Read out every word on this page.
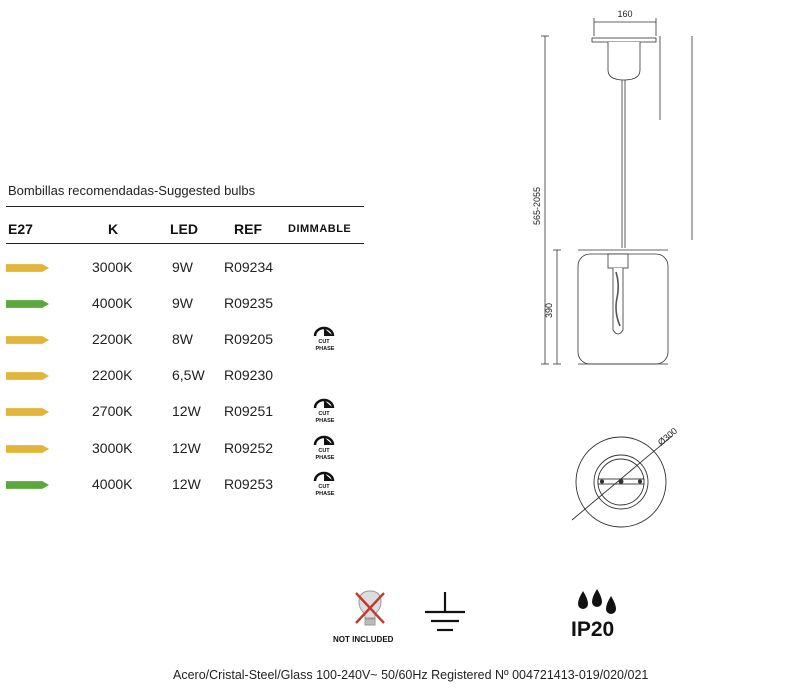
Bombillas recomendadas-Suggested bulbs
E27	K	LED	REF DIMMABLE
3000K	9W R09234
4000K	9W R09235
2200K	8W R09205	CUT
PHASE
2200K	6,5W R09230
2700K	12W R09251	CUT
PHASE
3000K	12W R09252	CUT
PHASE
4000K	12W R09253	CUT
PHASE
160
565-2055
390
Ø300
NOT INCLUDED	IP20
Acero/Cristal-Steel/Glass 100-240V~ 50/60Hz Registered Nº 004721413-019/020/021
